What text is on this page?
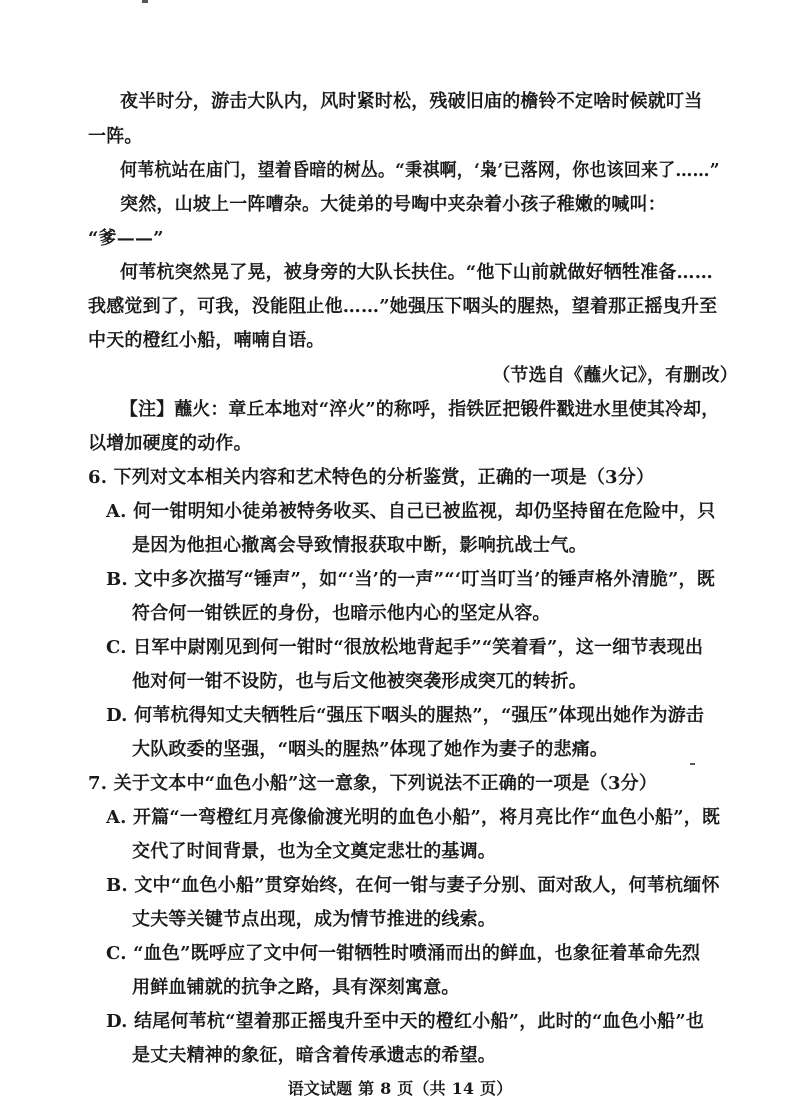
夜半时分，游击大队内，风时紧时松，残破旧庙的檐铃不定啥时候就叮当
一阵。
何苇杭站在庙门，望着昏暗的树丛。“秉祺啊，‘枭’已落网，你也该回来了……”
突然，山坡上一阵嘈杂。大徒弟的号啕中夹杂着小孩子稚嫩的喊叫：
“爹——”
何苇杭突然晃了晃，被身旁的大队长扶住。“他下山前就做好牺牲准备……
我感觉到了，可我，没能阻止他……”她强压下咽头的腥热，望着那正摇曳升至
中天的橙红小船，喃喃自语。
（节选自《蘸火记》，有删改）
【注】蘸火：章丘本地对“淬火”的称呼，指铁匠把锻件戳进水里使其冷却，
以增加硬度的动作。
6. 下列对文本相关内容和艺术特色的分析鉴赏，正确的一项是（3分）
A. 何一钳明知小徒弟被特务收买、自己已被监视，却仍坚持留在危险中，只
是因为他担心撤离会导致情报获取中断，影响抗战士气。
B. 文中多次描写“锤声”，如“‘当’的一声”“‘叮当叮当’的锤声格外清脆”，既
符合何一钳铁匠的身份，也暗示他内心的坚定从容。
C. 日军中尉刚见到何一钳时“很放松地背起手”“笑着看”，这一细节表现出
他对何一钳不设防，也与后文他被突袭形成突兀的转折。
D. 何苇杭得知丈夫牺牲后“强压下咽头的腥热”，“强压”体现出她作为游击
大队政委的坚强，“咽头的腥热”体现了她作为妻子的悲痛。
7. 关于文本中“血色小船”这一意象，下列说法不正确的一项是（3分）
A. 开篇“一弯橙红月亮像偷渡光明的血色小船”，将月亮比作“血色小船”，既
交代了时间背景，也为全文奠定悲壮的基调。
B. 文中“血色小船”贯穿始终，在何一钳与妻子分别、面对敌人，何苇杭缅怀
丈夫等关键节点出现，成为情节推进的线索。
C. “血色”既呼应了文中何一钳牺牲时喷涌而出的鲜血，也象征着革命先烈
用鲜血铺就的抗争之路，具有深刻寓意。
D. 结尾何苇杭“望着那正摇曳升至中天的橙红小船”，此时的“血色小船”也
是丈夫精神的象征，暗含着传承遗志的希望。
语文试题 第 8 页（共 14 页）
